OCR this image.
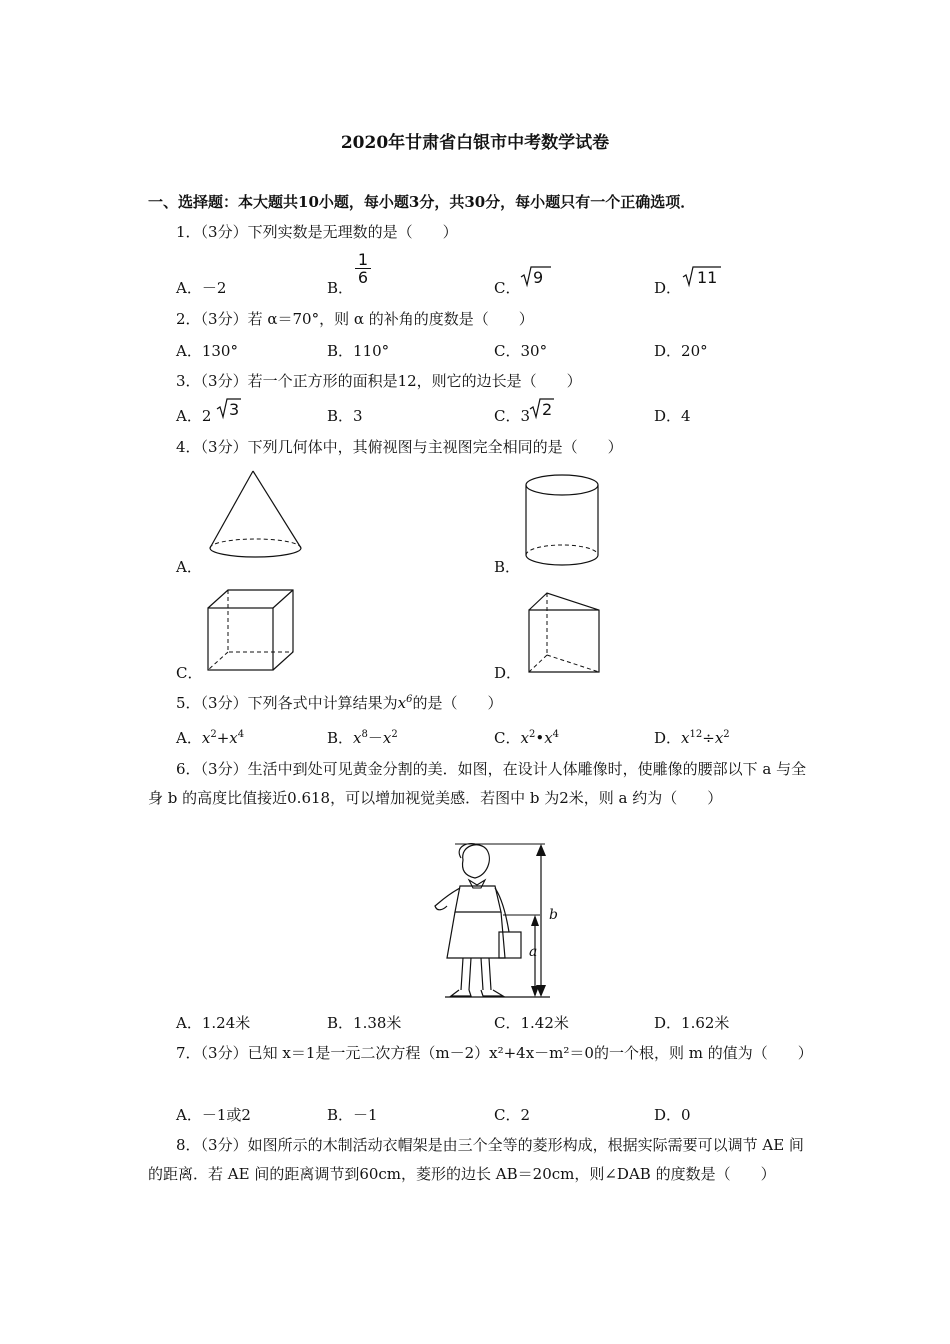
2020年甘肃省白银市中考数学试卷
一、选择题：本大题共10小题，每小题3分，共30分，每小题只有一个正确选项．
1．（3分）下列实数是无理数的是（　　）
A．－2	B．
1
6
C．
9
D．
11
2．（3分）若 α＝70°，则 α 的补角的度数是（　　）
A．130°	B．110°	C．30°	D．20°
3．（3分）若一个正方形的面积是12，则它的边长是（　　）
A．2 3	B．3	C．3 2	D．4
4．（3分）下列几何体中，其俯视图与主视图完全相同的是（　　）
A．	B．
C．	D．
5．（3分）下列各式中计算结果为$x^6$的是（　　）
A．$x^2+x^4$	B．$x^8-x^2$	C．$x^2•x^4$	D．$x^{12}\div x^2$
6．（3分）生活中到处可见黄金分割的美．如图，在设计人体雕像时，使雕像的腰部以下 a 与全身 b 的高度比值接近0.618，可以增加视觉美感．若图中 b 为2米，则 a 约为（　　）
b
a
A．1.24米	B．1.38米	C．1.42米	D．1.62米
7．（3分）已知 x＝1是一元二次方程（m－2）x²+4x－m²＝0的一个根，则 m 的值为（　　）
A．－1或2	B．－1	C．2	D．0
8．（3分）如图所示的木制活动衣帽架是由三个全等的菱形构成，根据实际需要可以调节 AE 间的距离．若 AE 间的距离调节到60cm，菱形的边长 AB＝20cm，则∠DAB 的度数是（　　）
